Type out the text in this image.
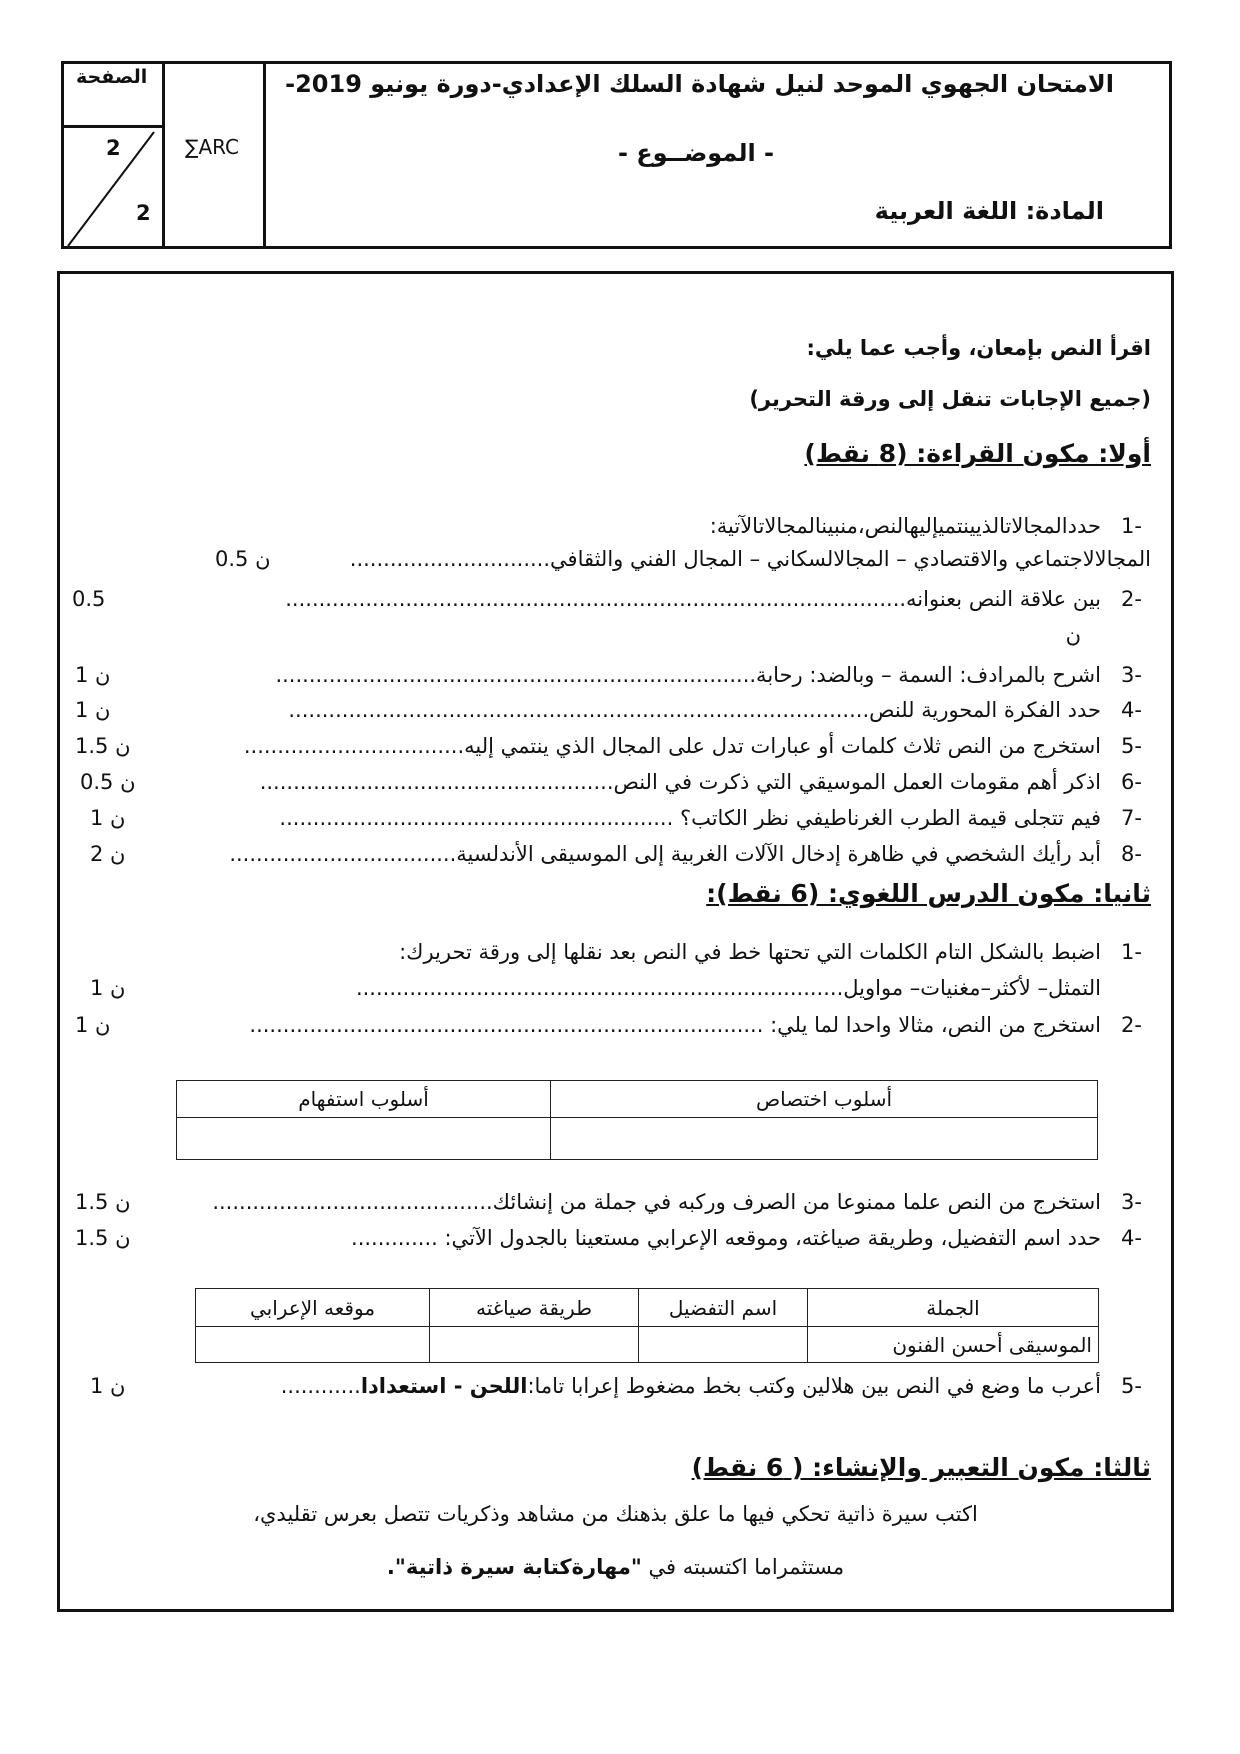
الصفحة
2
2
∑ARC
الامتحان الجهوي الموحد لنيل شهادة السلك الإعدادي-دورة يونيو 2019-
- الموضــوع -
المادة: اللغة العربية
اقرأ النص بإمعان، وأجب عما يلي:
(جميع الإجابات تنقل إلى ورقة التحرير)
أولا: مكون القراءة: (8 نقط)
-1
حددالمجالاتالذيينتميإليهالنص،منبينالمجالاتالآتية:
المجالالاجتماعي والاقتصادي – المجالالسكاني – المجال الفني والثقافي..............................
0.5 ن
-2
بين علاقة النص بعنوانه.............................................................................................
0.5
ن
-3
اشرح بالمرادف: السمة – وبالضد: رحابة........................................................................
1 ن
-4
حدد الفكرة المحورية للنص.......................................................................................
1 ن
-5
استخرج من النص ثلاث كلمات أو عبارات تدل على المجال الذي ينتمي إليه.................................
1.5 ن
-6
اذكر أهم مقومات العمل الموسيقي التي ذكرت في النص.....................................................
0.5 ن
-7
فيم تتجلى قيمة الطرب الغرناطيفي نظر الكاتب؟ ...........................................................
1 ن
-8
أبد رأيك الشخصي في ظاهرة إدخال الآلات الغربية إلى الموسيقى الأندلسية..................................
2 ن
ثانيا: مكون الدرس اللغوي: (6 نقط):
-1
اضبط بالشكل التام الكلمات التي تحتها خط في النص بعد نقلها إلى ورقة تحريرك:
التمثل– لأكثر–مغنيات– مواويل.........................................................................
1 ن
-2
استخرج من النص، مثالا واحدا لما يلي: .............................................................................
1 ن
أسلوب اختصاص	أسلوب استفهام

-3
استخرج من النص علما ممنوعا من الصرف وركبه في جملة من إنشائك..........................................
1.5 ن
-4
حدد اسم التفضيل، وطريقة صياغته، وموقعه الإعرابي مستعينا بالجدول الآتي: .............
1.5 ن
الجملة	اسم التفضيل	طريقة صياغته	موقعه الإعرابي
الموسيقى أحسن الفنون			
-5
أعرب ما وضع في النص بين هلالين وكتب بخط مضغوط إعرابا تاما:اللحن - استعدادا............
1 ن
ثالثا: مكون التعبير والإنشاء: ( 6 نقط)
اكتب سيرة ذاتية تحكي فيها ما علق بذهنك من مشاهد وذكريات تتصل بعرس تقليدي،
مستثمراما اكتسبته في "مهارةكتابة سيرة ذاتية".
